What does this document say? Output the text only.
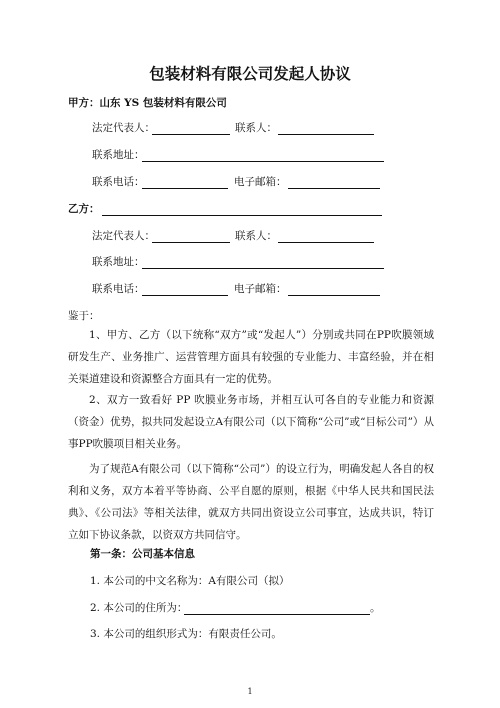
包装材料有限公司发起人协议
甲方：山东 YS 包装材料有限公司
法定代表人：	联系人：
联系地址：
联系电话：	电子邮箱：
乙方：
法定代表人：	联系人：
联系地址：
联系电话：	电子邮箱：
鉴于：
1、甲方、乙方（以下统称“双方”或“发起人”）分别或共同在PP吹膜领域研发生产、业务推广、运营管理方面具有较强的专业能力、丰富经验，并在相关渠道建设和资源整合方面具有一定的优势。
2、双方一致看好 PP 吹膜业务市场，并相互认可各自的专业能力和资源（资金）优势，拟共同发起设立A有限公司（以下简称“公司”或“目标公司”）从事PP吹膜项目相关业务。
为了规范A有限公司（以下简称“公司”）的设立行为，明确发起人各自的权利和义务，双方本着平等协商、公平自愿的原则，根据《中华人民共和国民法典》、《公司法》等相关法律，就双方共同出资设立公司事宜，达成共识，特订立如下协议条款，以资双方共同信守。
第一条：公司基本信息
1. 本公司的中文名称为：A有限公司（拟）
2. 本公司的住所为：	。
3. 本公司的组织形式为：有限责任公司。
1
